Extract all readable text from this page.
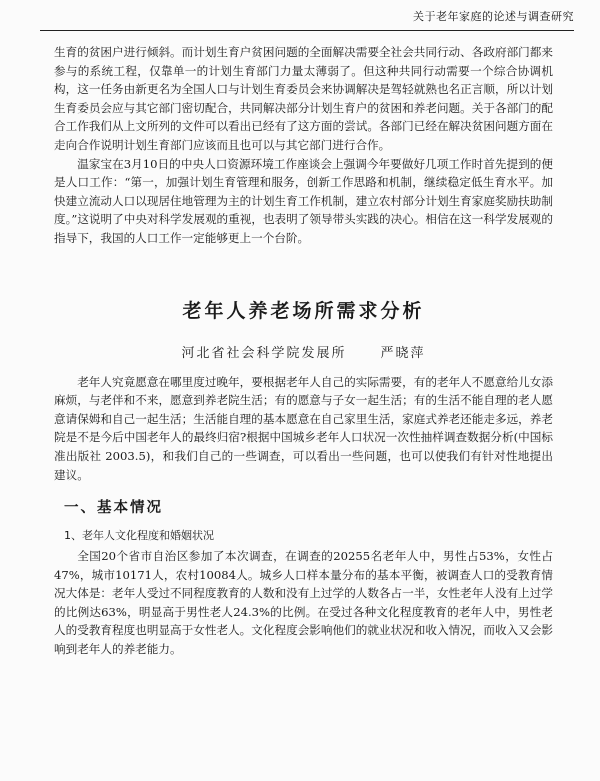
关于老年家庭的论述与调查研究

生育的贫困户进行倾斜。而计划生育户贫困问题的全面解决需要全社会共同行动、各政府部门都来参与的系统工程，仅靠单一的计划生育部门力量太薄弱了。但这种共同行动需要一个综合协调机构，这一任务由新更名为全国人口与计划生育委员会来协调解决是驾轻就熟也名正言顺，所以计划生育委员会应与其它部门密切配合，共同解决部分计划生育户的贫困和养老问题。关于各部门的配合工作我们从上文所列的文件可以看出已经有了这方面的尝试。各部门已经在解决贫困问题方面在走向合作说明计划生育部门应该而且也可以与其它部门进行合作。

温家宝在3月10日的中央人口资源环境工作座谈会上强调今年要做好几项工作时首先提到的便是人口工作：“第一，加强计划生育管理和服务，创新工作思路和机制，继续稳定低生育水平。加快建立流动人口以现居住地管理为主的计划生育工作机制，建立农村部分计划生育家庭奖励扶助制度。”这说明了中央对科学发展观的重视，也表明了领导带头实践的决心。相信在这一科学发展观的指导下，我国的人口工作一定能够更上一个台阶。

老年人养老场所需求分析
河北省社会科学院发展所	严晓萍

老年人究竟愿意在哪里度过晚年，要根据老年人自己的实际需要，有的老年人不愿意给儿女添麻烦，与老伴和不来，愿意到养老院生活；有的愿意与子女一起生活；有的生活不能自理的老人愿意请保姆和自己一起生活；生活能自理的基本愿意在自己家里生活，家庭式养老还能走多远，养老院是不是今后中国老年人的最终归宿?根据中国城乡老年人口状况一次性抽样调查数据分析(中国标准出版社 2003.5)，和我们自己的一些调查，可以看出一些问题，也可以使我们有针对性地提出建议。

一、基本情况
1、老年人文化程度和婚姻状况

全国20个省市自治区参加了本次调查，在调查的20255名老年人中，男性占53%，女性占47%，城市10171人，农村10084人。城乡人口样本量分布的基本平衡，被调查人口的受教育情况大体是：老年人受过不同程度教育的人数和没有上过学的人数各占一半，女性老年人没有上过学的比例达63%，明显高于男性老人24.3%的比例。在受过各种文化程度教育的老年人中，男性老人的受教育程度也明显高于女性老人。文化程度会影响他们的就业状况和收入情况，而收入又会影响到老年人的养老能力。
